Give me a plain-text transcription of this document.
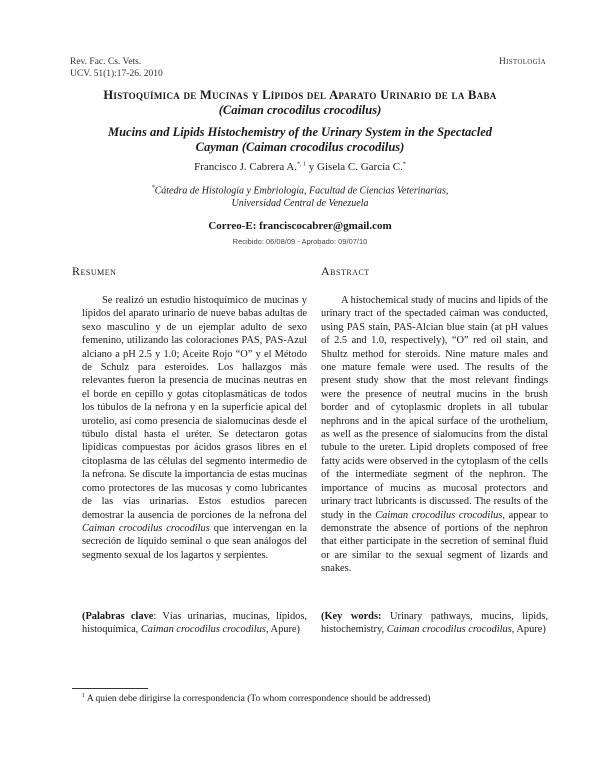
Rev. Fac. Cs. Vets.
UCV. 51(1):17-26. 2010
Histología
Histoquímica de Mucinas y Lípidos del Aparato Urinario de la Baba
(Caiman crocodilus crocodilus)
Mucins and Lipids Histochemistry of the Urinary System in the Spectacled
Cayman (Caiman crocodilus crocodilus)
Francisco J. Cabrera A.$^{*, 1}$ y Gisela C. García C.*
*Cátedra de Histología y Embriología, Facultad de Ciencias Veterinarias,
Universidad Central de Venezuela
Correo-E: franciscocabrer@gmail.com
Recibido: 06/08/09 - Aprobado: 09/07/10
Resumen	Abstract

Se realizó un estudio histoquímico de mucinas y lípidos del aparato urinario de nueve babas adultas de sexo masculino y de un ejemplar adulto de sexo femenino, utilizando las coloraciones PAS, PAS-Azul alciano a pH 2.5 y 1.0; Aceite Rojo “O” y el Método de Schulz para esteroides. Los hallazgos más relevantes fueron la presencia de mucinas neutras en el borde en cepillo y gotas citoplasmáticas de todos los túbulos de la nefrona y en la superficie apical del urotelio, así como presencia de sialomucinas desde el túbulo distal hasta el uréter. Se detectaron gotas lipídicas compuestas por ácidos grasos libres en el citoplasma de las células del segmento intermedio de la nefrona. Se discute la importancia de estas mucinas como protectores de las mucosas y como lubricantes de las vías urinarias. Estos estudios parecen demostrar la ausencia de porciones de la nefrona del Caiman crocodilus crocodilus que intervengan en la secreción de líquido seminal o que sean análogos del segmento sexual de los lagartos y serpientes.

A histochemical study of mucins and lipids of the urinary tract of the spectaded caiman was conducted, using PAS stain, PAS-Alcian blue stain (at pH values of 2.5 and 1.0, respectively), “O” red oil stain, and Shultz method for steroids. Nine mature males and one mature female were used. The results of the present study show that the most relevant findings were the presence of neutral mucins in the brush border and of cytoplasmic droplets in all tubular nephrons and in the apical surface of the urothelium, as well as the presence of sialomucins from the distal tubule to the ureter. Lipid droplets composed of free fatty acids were observed in the cytoplasm of the cells of the intermediate segment of the nephron. The importance of mucins as mucosal protectors and urinary tract lubricants is discussed. The results of the study in the Caiman crocodilus crocodilus, appear to demonstrate the absence of portions of the nephron that either participate in the secretion of seminal fluid or are similar to the sexual segment of lizards and snakes.

(Palabras clave: Vías urinarias, mucinas, lípidos, histoquímica, Caiman crocodilus crocodilus, Apure)
(Key words: Urinary pathways, mucins, lipids, histochemistry, Caiman crocodilus crocodilus, Apure)
$^1$ A quien debe dirigirse la correspondencia (To whom correspondence should be addressed)
